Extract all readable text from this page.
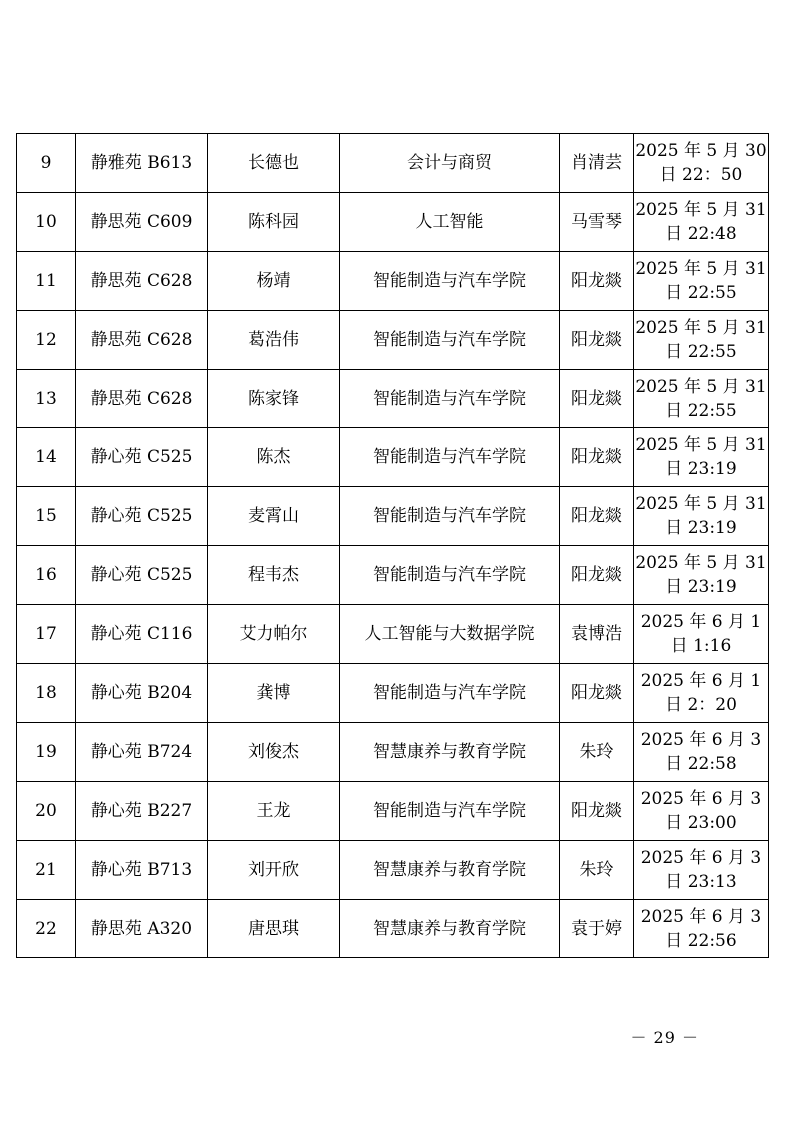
9	静雅苑 B613	长德也	会计与商贸	肖清芸	2025 年 5 月 30 日 22：50
10	静思苑 C609	陈科园	人工智能	马雪琴	2025 年 5 月 31 日 22:48
11	静思苑 C628	杨靖	智能制造与汽车学院	阳龙燚	2025 年 5 月 31 日 22:55
12	静思苑 C628	葛浩伟	智能制造与汽车学院	阳龙燚	2025 年 5 月 31 日 22:55
13	静思苑 C628	陈家锋	智能制造与汽车学院	阳龙燚	2025 年 5 月 31 日 22:55
14	静心苑 C525	陈杰	智能制造与汽车学院	阳龙燚	2025 年 5 月 31 日 23:19
15	静心苑 C525	麦霄山	智能制造与汽车学院	阳龙燚	2025 年 5 月 31 日 23:19
16	静心苑 C525	程韦杰	智能制造与汽车学院	阳龙燚	2025 年 5 月 31 日 23:19
17	静心苑 C116	艾力帕尔	人工智能与大数据学院	袁博浩	2025 年 6 月 1 日 1:16
18	静心苑 B204	龚博	智能制造与汽车学院	阳龙燚	2025 年 6 月 1 日 2：20
19	静心苑 B724	刘俊杰	智慧康养与教育学院	朱玲	2025 年 6 月 3 日 22:58
20	静心苑 B227	王龙	智能制造与汽车学院	阳龙燚	2025 年 6 月 3 日 23:00
21	静心苑 B713	刘开欣	智慧康养与教育学院	朱玲	2025 年 6 月 3 日 23:13
22	静思苑 A320	唐思琪	智慧康养与教育学院	袁于婷	2025 年 6 月 3 日 22:56
－ 29 －
